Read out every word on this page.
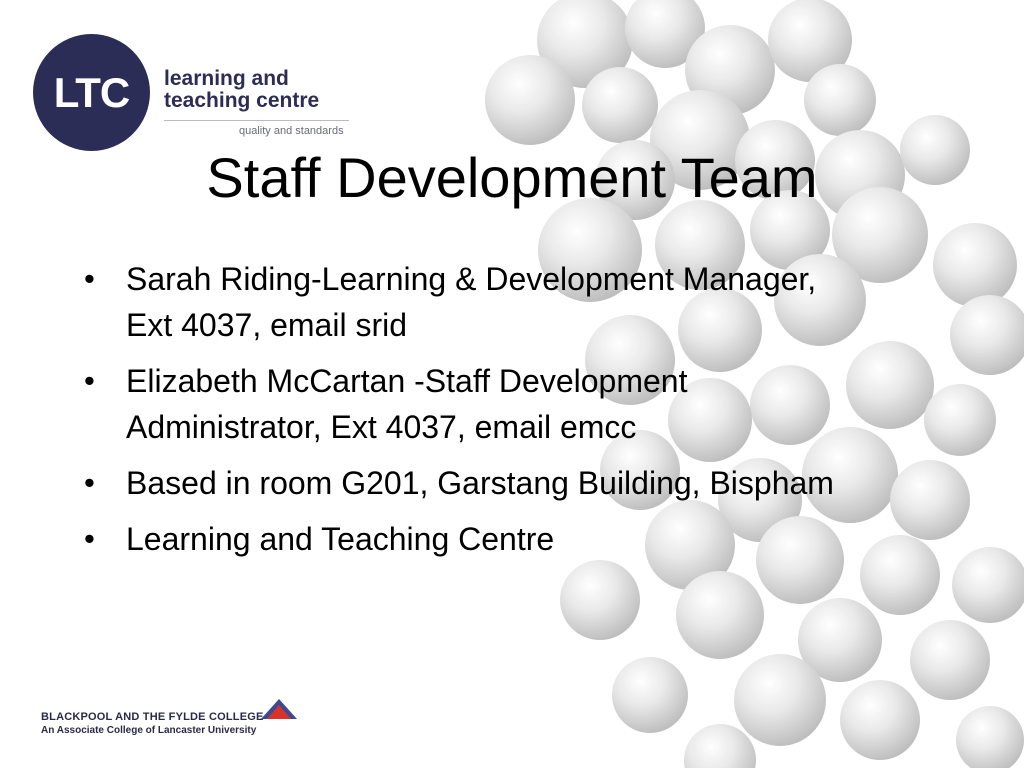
LTC learning and
teaching centre
quality and standards
Staff Development Team
• Sarah Riding-Learning & Development Manager, Ext 4037, email srid
• Elizabeth McCartan -Staff Development Administrator, Ext 4037, email emcc
• Based in room G201, Garstang Building, Bispham
• Learning and Teaching Centre
BLACKPOOL AND THE FYLDE COLLEGE
An Associate College of Lancaster University
